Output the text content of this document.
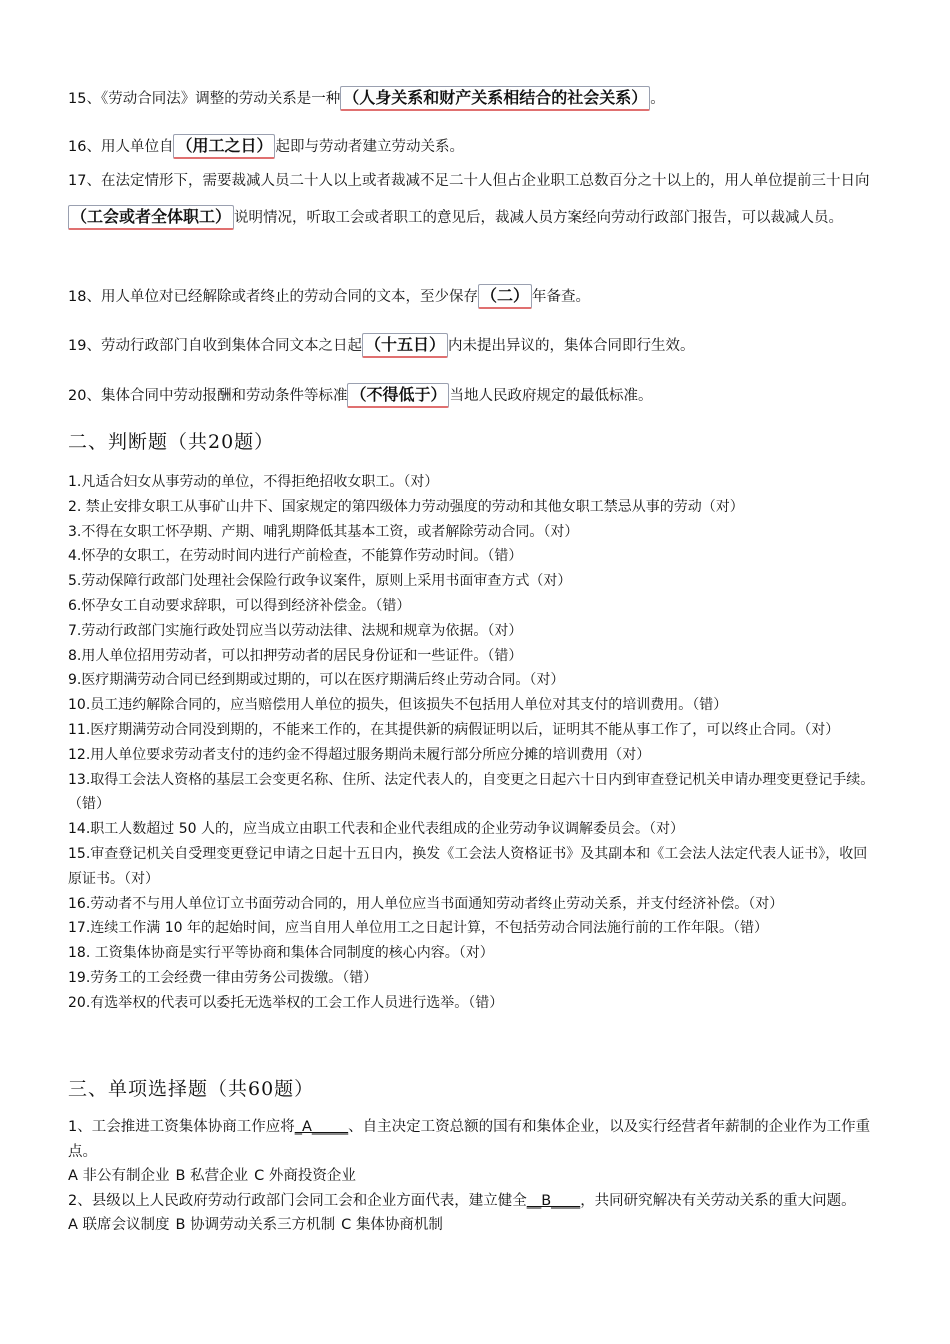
15、《劳动合同法》调整的劳动关系是一种 （人身关系和财产关系相结合的社会关系） 。
16、用人单位自 （用工之日） 起即与劳动者建立劳动关系。
17、在法定情形下，需要裁减人员二十人以上或者裁减不足二十人但占企业职工总数百分之十以上的，用人单位提前三十日向（工会或者全体职工） 说明情况，听取工会或者职工的意见后，裁减人员方案经向劳动行政部门报告，可以裁减人员。
18、用人单位对已经解除或者终止的劳动合同的文本，至少保存 （二） 年备查。
19、劳动行政部门自收到集体合同文本之日起 （十五日） 内未提出异议的，集体合同即行生效。
20、集体合同中劳动报酬和劳动条件等标准 （不得低于） 当地人民政府规定的最低标准。
二、判断题（共20题）
1.凡适合妇女从事劳动的单位，不得拒绝招收女职工。（对）
2. 禁止安排女职工从事矿山井下、国家规定的第四级体力劳动强度的劳动和其他女职工禁忌从事的劳动（对）
3.不得在女职工怀孕期、产期、哺乳期降低其基本工资，或者解除劳动合同。（对）
4.怀孕的女职工，在劳动时间内进行产前检查，不能算作劳动时间。（错）
5.劳动保障行政部门处理社会保险行政争议案件，原则上采用书面审查方式（对）
6.怀孕女工自动要求辞职，可以得到经济补偿金。（错）
7.劳动行政部门实施行政处罚应当以劳动法律、法规和规章为依据。（对）
8.用人单位招用劳动者，可以扣押劳动者的居民身份证和一些证件。（错）
9.医疗期满劳动合同已经到期或过期的，可以在医疗期满后终止劳动合同。（对）
10.员工违约解除合同的，应当赔偿用人单位的损失，但该损失不包括用人单位对其支付的培训费用。（错）
11.医疗期满劳动合同没到期的，不能来工作的，在其提供新的病假证明以后，证明其不能从事工作了，可以终止合同。（对）
12.用人单位要求劳动者支付的违约金不得超过服务期尚未履行部分所应分摊的培训费用（对）
13.取得工会法人资格的基层工会变更名称、住所、法定代表人的，自变更之日起六十日内到审查登记机关申请办理变更登记手续。（错）
14.职工人数超过 50 人的，应当成立由职工代表和企业代表组成的企业劳动争议调解委员会。（对）
15.审查登记机关自受理变更登记申请之日起十五日内，换发《工会法人资格证书》及其副本和《工会法人法定代表人证书》，收回原证书。（对）
16.劳动者不与用人单位订立书面劳动合同的，用人单位应当书面通知劳动者终止劳动关系，并支付经济补偿。（对）
17.连续工作满 10 年的起始时间，应当自用人单位用工之日起计算，不包括劳动合同法施行前的工作年限。（错）
18. 工资集体协商是实行平等协商和集体合同制度的核心内容。（对）
19.劳务工的工会经费一律由劳务公司拨缴。（错）
20.有选举权的代表可以委托无选举权的工会工作人员进行选举。（错）
三、单项选择题（共60题）
1、工会推进工资集体协商工作应将_A_____、自主决定工资总额的国有和集体企业，以及实行经营者年薪制的企业作为工作重点。
A 非公有制企业 B 私营企业 C 外商投资企业
2、县级以上人民政府劳动行政部门会同工会和企业方面代表，建立健全__B____，共同研究解决有关劳动关系的重大问题。
A 联席会议制度 B 协调劳动关系三方机制 C 集体协商机制
